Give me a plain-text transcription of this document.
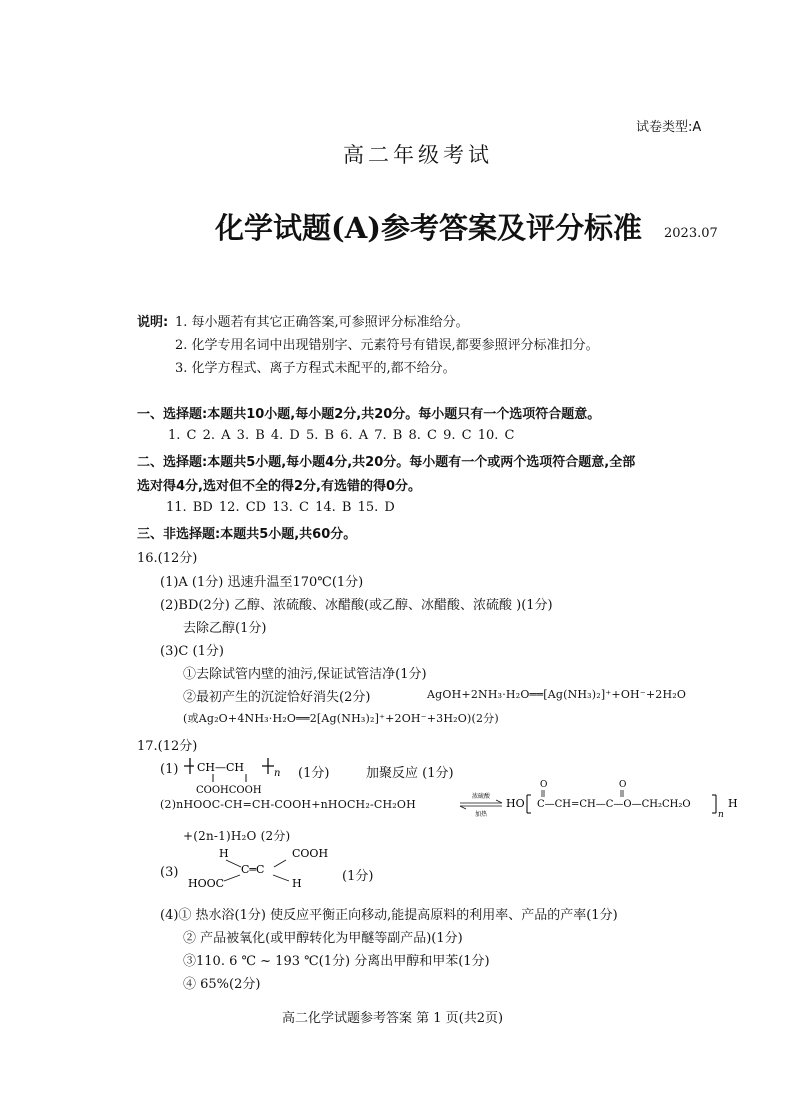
试卷类型:A
高二年级考试
化学试题(A)参考答案及评分标准 2023.07
说明: 1. 每小题若有其它正确答案,可参照评分标准给分。
2. 化学专用名词中出现错别字、元素符号有错误,都要参照评分标准扣分。
3. 化学方程式、离子方程式未配平的,都不给分。
一、选择题:本题共10小题,每小题2分,共20分。每小题只有一个选项符合题意。
1. C 2. A 3. B 4. D 5. B 6. A 7. B 8. C 9. C 10. C
二、选择题:本题共5小题,每小题4分,共20分。每小题有一个或两个选项符合题意,全部
选对得4分,选对但不全的得2分,有选错的得0分。
11. BD 12. CD 13. C 14. B 15. D
三、非选择题:本题共5小题,共60分。
16.(12分)
(1)A (1分) 迅速升温至170℃(1分)
(2)BD(2分) 乙醇、浓硫酸、冰醋酸(或乙醇、冰醋酸、浓硫酸 )(1分)
去除乙醇(1分)
(3)C (1分)
①去除试管内壁的油污,保证试管洁净(1分)
②最初产生的沉淀恰好消失(2分)	AgOH+2NH₃·H₂O══[Ag(NH₃)₂]⁺+OH⁻+2H₂O
(或Ag₂O+4NH₃·H₂O══2[Ag(NH₃)₂]⁺+2OH⁻+3H₂O)(2分)
17.(12分)
(1) CH—CH	n
COOHCOOH
(1分)	加聚反应 (1分)
(2)nHOOC-CH=CH-COOH+nHOCH₂-CH₂OH
浓硫酸
加热
HO
O	O
C—CH=CH—C—O—CH₂CH₂O
n
H
+(2n-1)H₂O (2分)
(3)
H	COOH
C═C
HOOC	H	(1分)
(4)① 热水浴(1分) 使反应平衡正向移动,能提高原料的利用率、产品的产率(1分)
② 产品被氧化(或甲醇转化为甲醚等副产品)(1分)
③110. 6 ℃ ~ 193 ℃(1分) 分离出甲醇和甲苯(1分)
④ 65%(2分)
高二化学试题参考答案 第 1 页(共2页)
